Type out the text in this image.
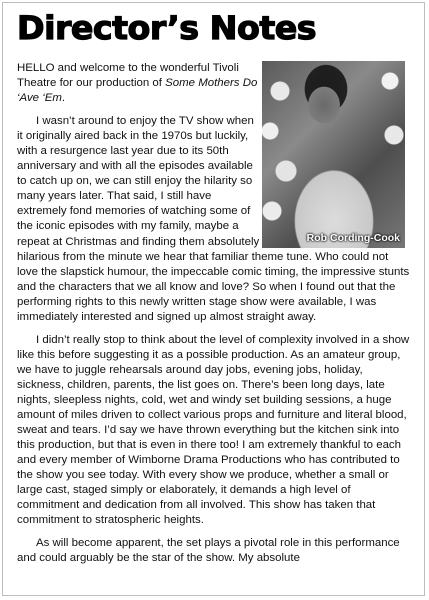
Director’s Notes
Rob Cording-Cook

HELLO and welcome to the wonderful Tivoli Theatre for our production of Some Mothers Do ‘Ave ‘Em.

I wasn’t around to enjoy the TV show when it originally aired back in the 1970s but luckily, with a resurgence last year due to its 50th anniversary and with all the episodes available to catch up on, we can still enjoy the hilarity so many years later. That said, I still have extremely fond memories of watching some of the iconic episodes with my family, maybe a repeat at Christmas and finding them absolutely hilarious from the minute we hear that familiar theme tune. Who could not love the slapstick humour, the impeccable comic timing, the impressive stunts and the characters that we all know and love? So when I found out that the performing rights to this newly written stage show were available, I was immediately interested and signed up almost straight away.

I didn’t really stop to think about the level of complexity involved in a show like this before suggesting it as a possible production. As an amateur group, we have to juggle rehearsals around day jobs, evening jobs, holiday, sickness, children, parents, the list goes on. There’s been long days, late nights, sleepless nights, cold, wet and windy set building sessions, a huge amount of miles driven to collect various props and furniture and literal blood, sweat and tears. I’d say we have thrown everything but the kitchen sink into this production, but that is even in there too! I am extremely thankful to each and every member of Wimborne Drama Productions who has contributed to the show you see today. With every show we produce, whether a small or large cast, staged simply or elaborately, it demands a high level of commitment and dedication from all involved. This show has taken that commitment to stratospheric heights.

As will become apparent, the set plays a pivotal role in this performance and could arguably be the star of the show. My absolute
